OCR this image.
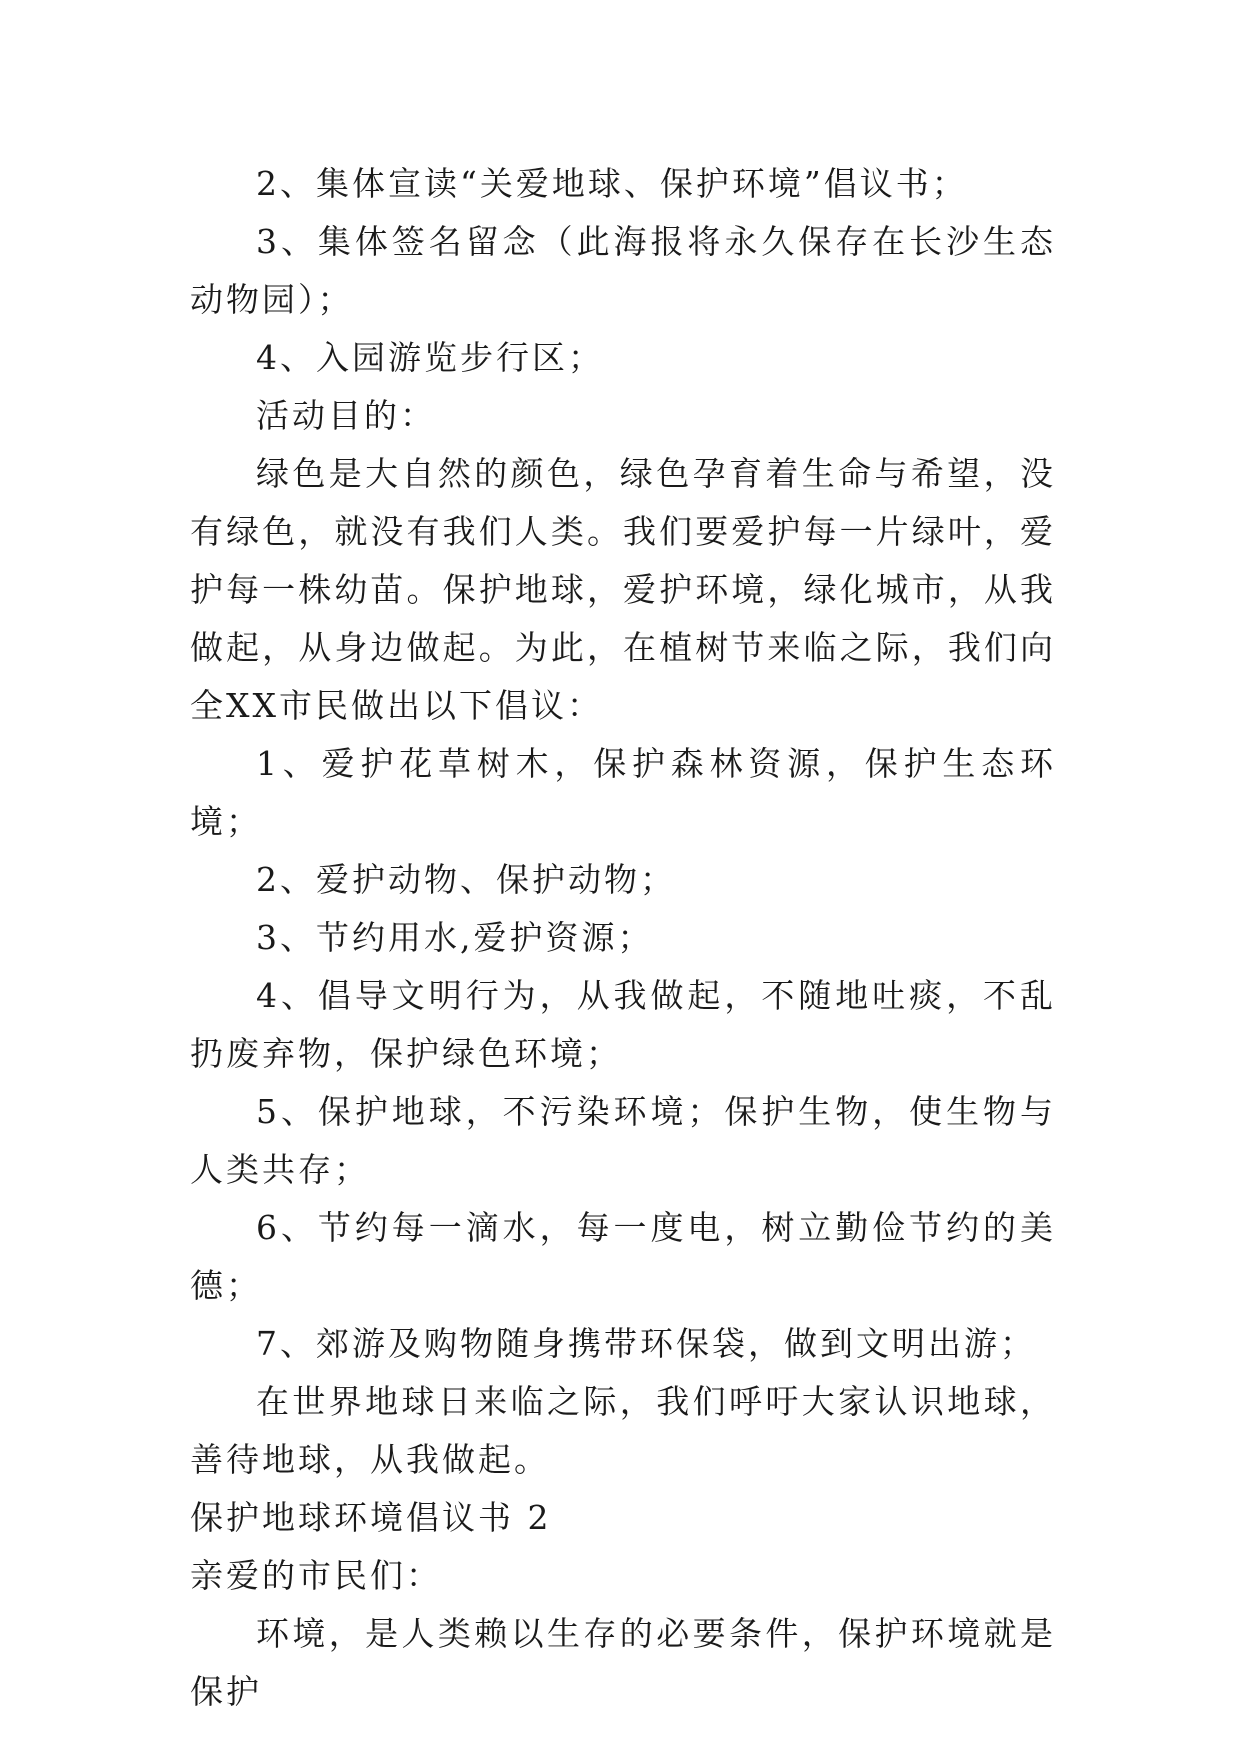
2、集体宣读“关爱地球、保护环境”倡议书；

3、集体签名留念（此海报将永久保存在长沙生态动物园）；

4、入园游览步行区；

活动目的：

绿色是大自然的颜色，绿色孕育着生命与希望，没有绿色，就没有我们人类。我们要爱护每一片绿叶，爱护每一株幼苗。保护地球，爱护环境，绿化城市，从我做起，从身边做起。为此，在植树节来临之际，我们向全XX市民做出以下倡议：

1、爱护花草树木，保护森林资源，保护生态环境；

2、爱护动物、保护动物；

3、节约用水,爱护资源；

4、倡导文明行为，从我做起，不随地吐痰，不乱扔废弃物，保护绿色环境；

5、保护地球，不污染环境；保护生物，使生物与人类共存；

6、节约每一滴水，每一度电，树立勤俭节约的美德；

7、郊游及购物随身携带环保袋，做到文明出游；

在世界地球日来临之际，我们呼吁大家认识地球，善待地球，从我做起。

保护地球环境倡议书 2

亲爱的市民们：

环境，是人类赖以生存的必要条件，保护环境就是保护
